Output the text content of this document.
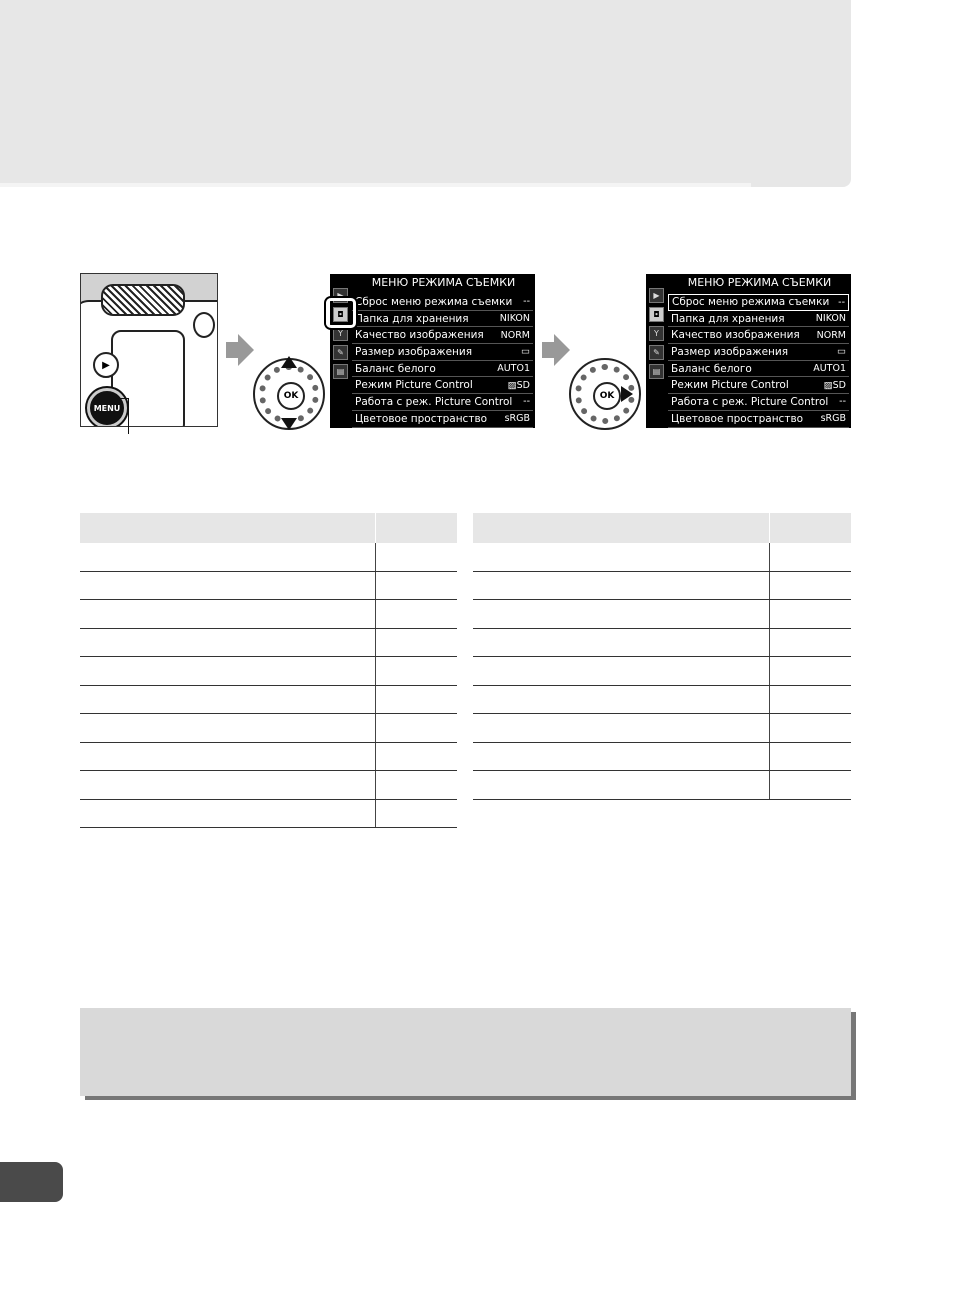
▶
MENU
OK
МЕНЮ РЕЖИМА СЪЕМКИ
▶
◘
Y
✎
▤
Сброс меню режима съемки --
Папка для хранения	NIKON
Качество изображения NORM
Размер изображения	▭
Баланс белого	AUTO1
Режим Picture Control	▨SD
Работа с реж. Picture Control --
Цветовое пространство sRGB
OK
МЕНЮ РЕЖИМА СЪЕМКИ
▶
◘
Y
✎
▤
Сброс меню режима съемки --
Папка для хранения	NIKON
Качество изображения NORM
Размер изображения	▭
Баланс белого	AUTO1
Режим Picture Control	▨SD
Работа с реж. Picture Control --
Цветовое пространство sRGB
